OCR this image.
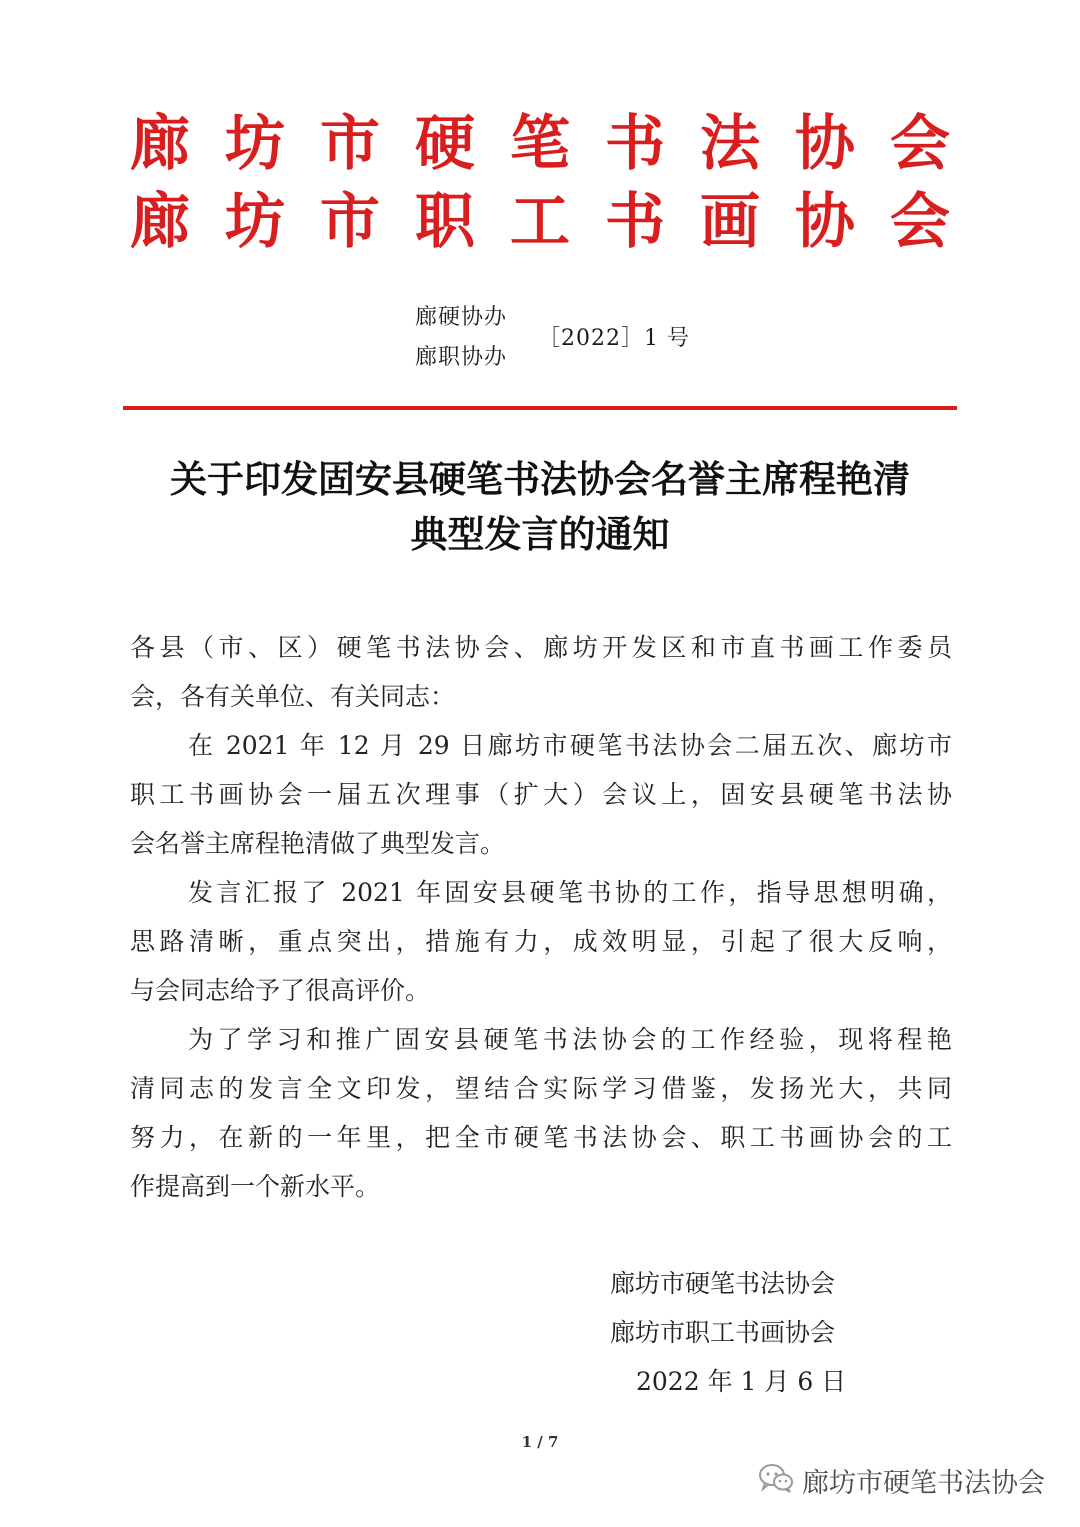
廊坊市硬笔书法协会
廊坊市职工书画协会
廊硬协办
廊职协办
［2022］1 号
关于印发固安县硬笔书法协会名誉主席程艳清
典型发言的通知
各县（市、区）硬笔书法协会、廊坊开发区和市直书画工作委员
会，各有关单位、有关同志：
在 2021 年 12 月 29 日廊坊市硬笔书法协会二届五次、廊坊市
职工书画协会一届五次理事（扩大）会议上，固安县硬笔书法协
会名誉主席程艳清做了典型发言。
发言汇报了 2021 年固安县硬笔书协的工作，指导思想明确，
思路清晰，重点突出，措施有力，成效明显，引起了很大反响，
与会同志给予了很高评价。
为了学习和推广固安县硬笔书法协会的工作经验，现将程艳
清同志的发言全文印发，望结合实际学习借鉴，发扬光大，共同
努力，在新的一年里，把全市硬笔书法协会、职工书画协会的工
作提高到一个新水平。
廊坊市硬笔书法协会
廊坊市职工书画协会
2022 年 1 月 6 日
1 / 7
廊坊市硬笔书法协会
